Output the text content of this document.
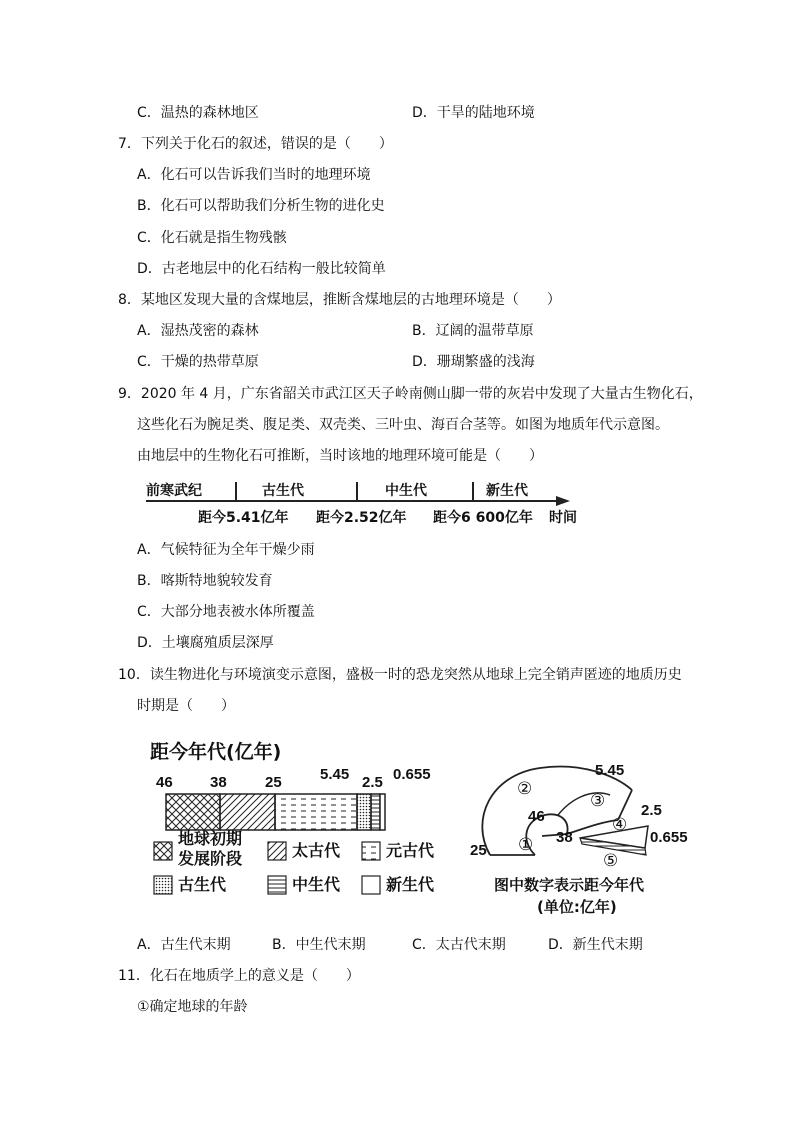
C．温热的森林地区	D．干旱的陆地环境
7．下列关于化石的叙述，错误的是（　　）
A．化石可以告诉我们当时的地理环境
B．化石可以帮助我们分析生物的进化史
C．化石就是指生物残骸
D．古老地层中的化石结构一般比较简单
8．某地区发现大量的含煤地层，推断含煤地层的古地理环境是（　　）
A．湿热茂密的森林	B．辽阔的温带草原
C．干燥的热带草原	D．珊瑚繁盛的浅海
9．2020 年 4 月，广东省韶关市武江区天子岭南侧山脚一带的灰岩中发现了大量古生物化石，
这些化石为腕足类、腹足类、双壳类、三叶虫、海百合茎等。如图为地质年代示意图。
由地层中的生物化石可推断，当时该地的地理环境可能是（　　）
前寒武纪	古生代	中生代	新生代
距今5.41亿年 距今2.52亿年 距今6 600亿年 时间
A．气候特征为全年干燥少雨
B．喀斯特地貌较发育
C．大部分地表被水体所覆盖
D．土壤腐殖质层深厚
10．读生物进化与环境演变示意图，盛极一时的恐龙突然从地球上完全销声匿迹的地质历史
时期是（　　）
距今年代(亿年)
46 38	25	5.45 2.5 0.655
地球初期
发展阶段	太古代	元古代
古生代	中生代	新生代
5.45
46	2.5
38	0.655
25
②
③
④
①
⑤
图中数字表示距今年代
(单位:亿年)
A．古生代末期	B．中生代末期	C．太古代末期	D．新生代末期
11．化石在地质学上的意义是（　　）
①确定地球的年龄
